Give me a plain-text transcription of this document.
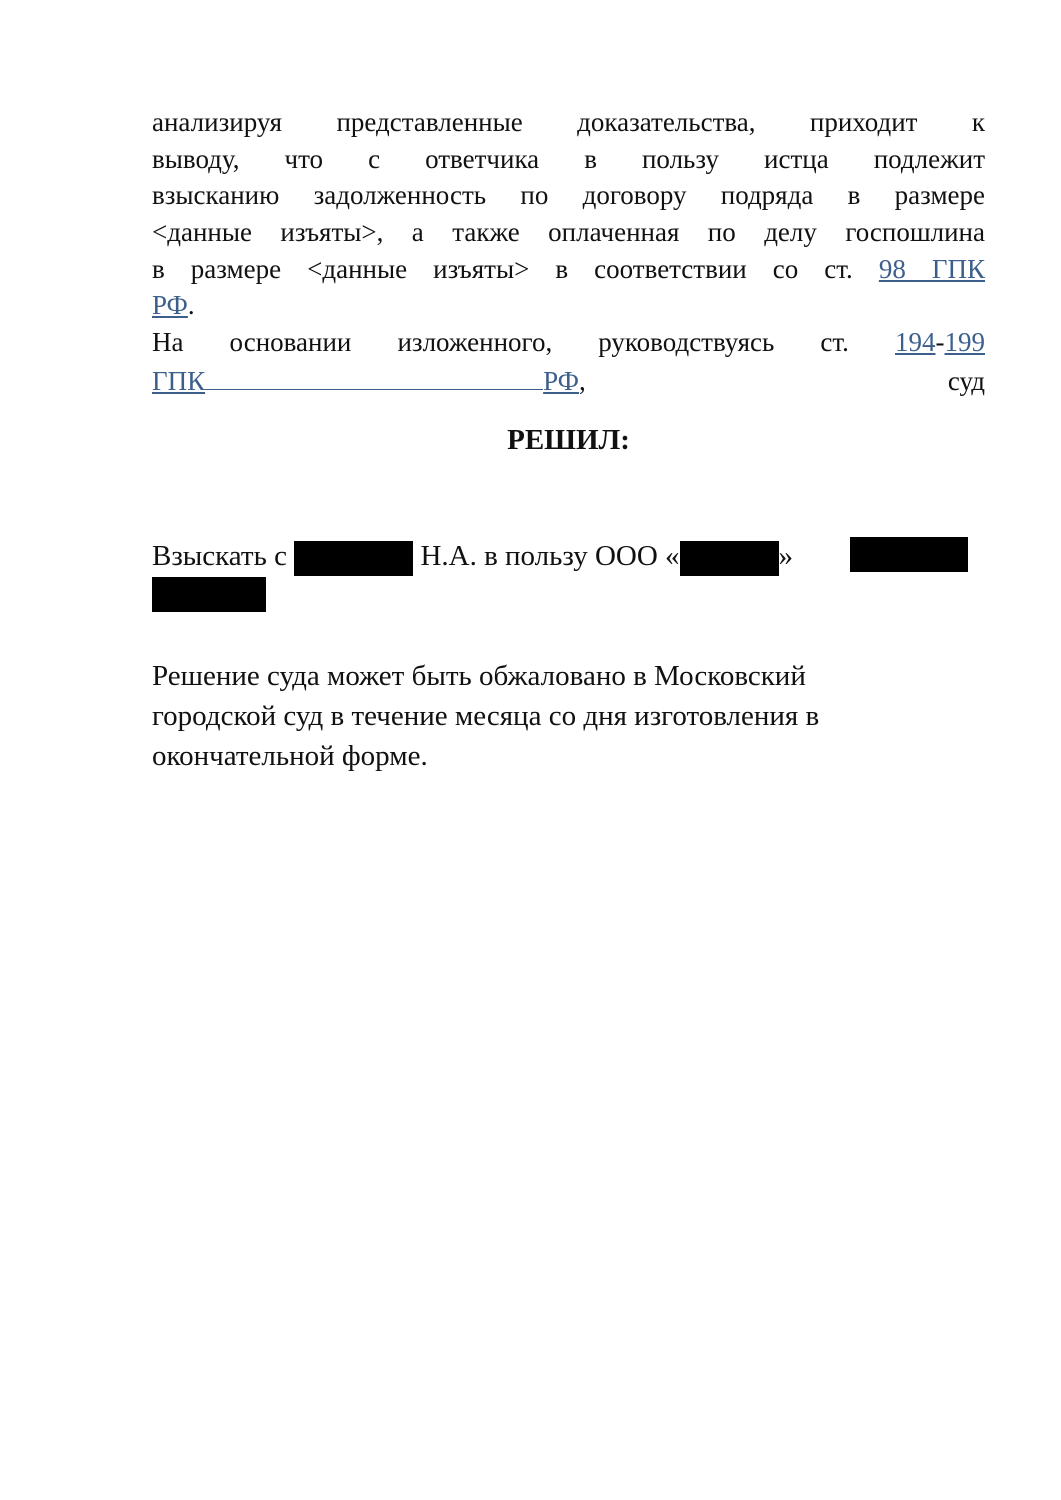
анализируя представленные доказательства, приходит к
выводу, что с ответчика в пользу истца подлежит
взысканию задолженность по договору подряда в размере
<данные изъяты>, а также оплаченная по делу госпошлина
в размере <данные изъяты> в соответствии со ст. 98 ГПК
РФ.
На основании изложенного, руководствуясь ст. 194-199
ГПК	РФ,	суд
РЕШИЛ:
Взыскать с	Н.А. в пользу ООО «	»
Решение суда может быть обжаловано в Московский
городской суд в течение месяца со дня изготовления в
окончательной форме.
